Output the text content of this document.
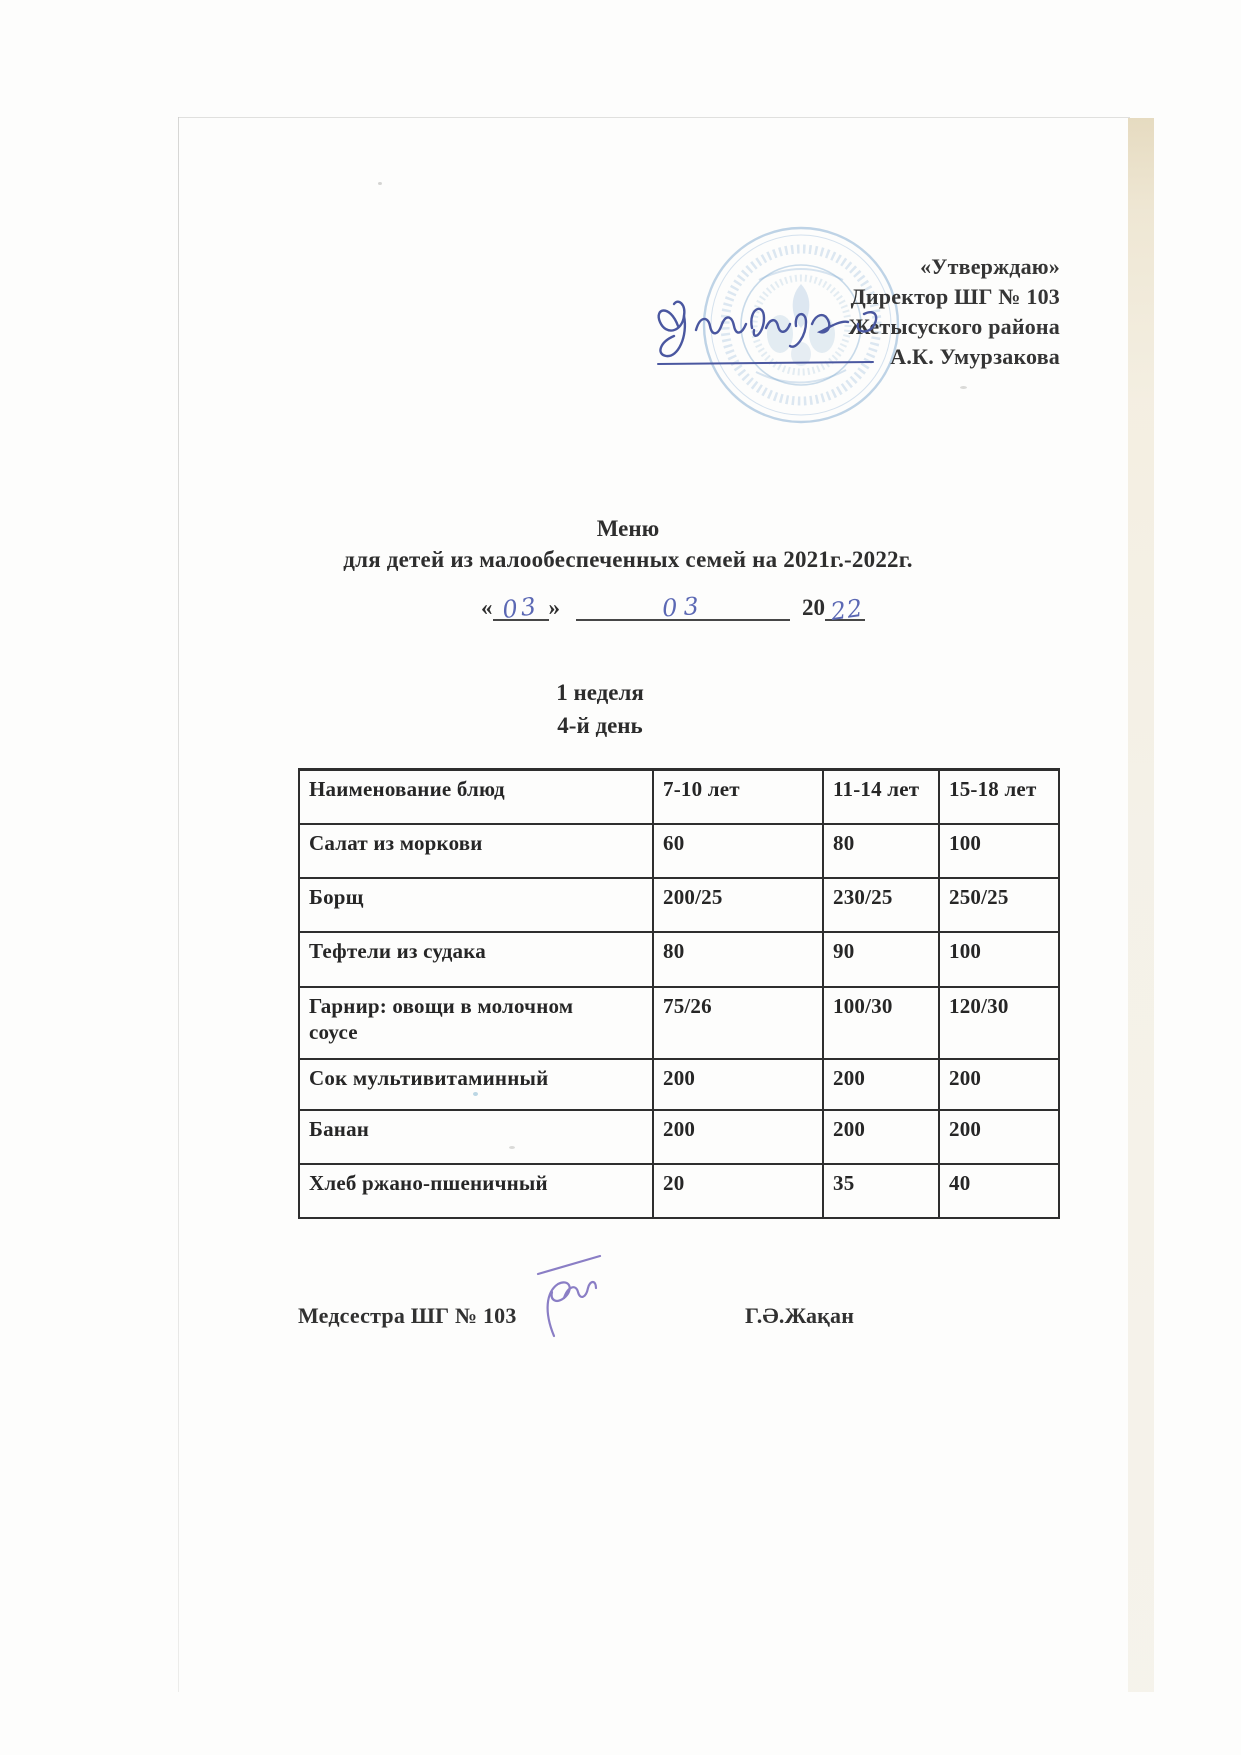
«Утверждаю»
Директор ШГ № 103
Жетысуского района
А.К. Умурзакова
Меню
для детей из малообеспеченных семей на 2021г.-2022г.
« 03 »	03	20 22
1 неделя
4-й день
Наименование блюд	7-10 лет	11-14 лет	15-18 лет

Салат из моркови	60	80	100

Борщ	200/25	230/25	250/25

Тефтели из судака	80	90	100

Гарнир: овощи в молочном соусе	75/26	100/30	120/30

Сок мультивитаминный	200	200	200

Банан	200	200	200

Хлеб ржано-пшеничный	20	35	40
Медсестра ШГ № 103	Г.Ә.Жақан
